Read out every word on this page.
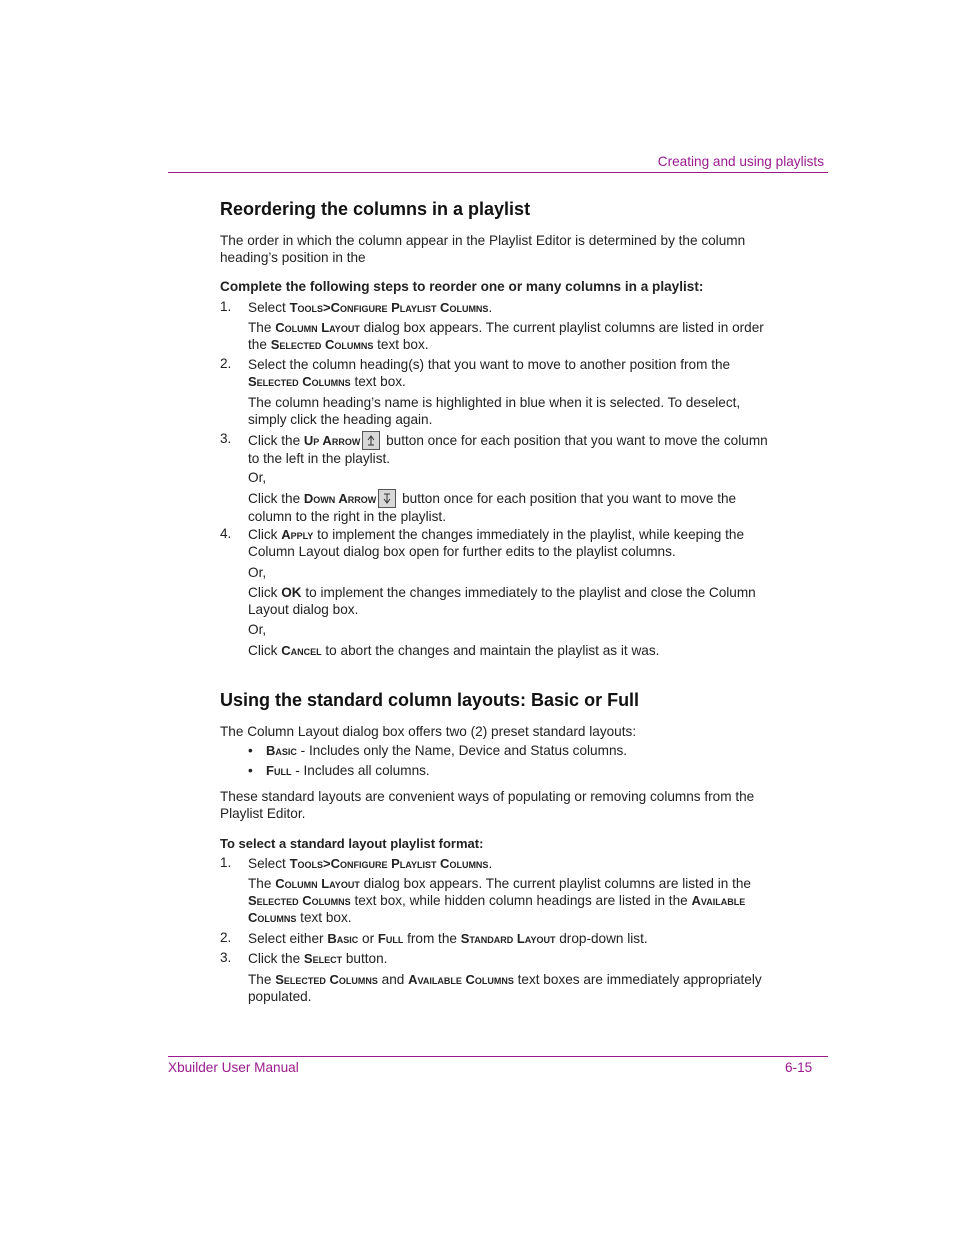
Creating and using playlists
Reordering the columns in a playlist
The order in which the column appear in the Playlist Editor is determined by the column heading’s position in the
Complete the following steps to reorder one or many columns in a playlist:
1. Select Tools>Configure Playlist Columns.
The Column Layout dialog box appears. The current playlist columns are listed in order the Selected Columns text box.
2. Select the column heading(s) that you want to move to another position from the Selected Columns text box.
The column heading’s name is highlighted in blue when it is selected. To deselect, simply click the heading again.
3. Click the Up Arrow
button once for each position that you want to move the column to the left in the playlist.
Or,
Click the Down Arrow
button once for each position that you want to move the column to the right in the playlist.
4. Click Apply to implement the changes immediately in the playlist, while keeping the Column Layout dialog box open for further edits to the playlist columns.
Or,
Click OK to implement the changes immediately to the playlist and close the Column Layout dialog box.
Or,
Click Cancel to abort the changes and maintain the playlist as it was.
Using the standard column layouts: Basic or Full
The Column Layout dialog box offers two (2) preset standard layouts:
• Basic - Includes only the Name, Device and Status columns.
• Full - Includes all columns.
These standard layouts are convenient ways of populating or removing columns from the Playlist Editor.
To select a standard layout playlist format:
1. Select Tools>Configure Playlist Columns.
The Column Layout dialog box appears. The current playlist columns are listed in the Selected Columns text box, while hidden column headings are listed in the Available Columns text box.
2. Select either Basic or Full from the Standard Layout drop-down list.
3. Click the Select button.
The Selected Columns and Available Columns text boxes are immediately appropriately populated.
Xbuilder User Manual	6-15
